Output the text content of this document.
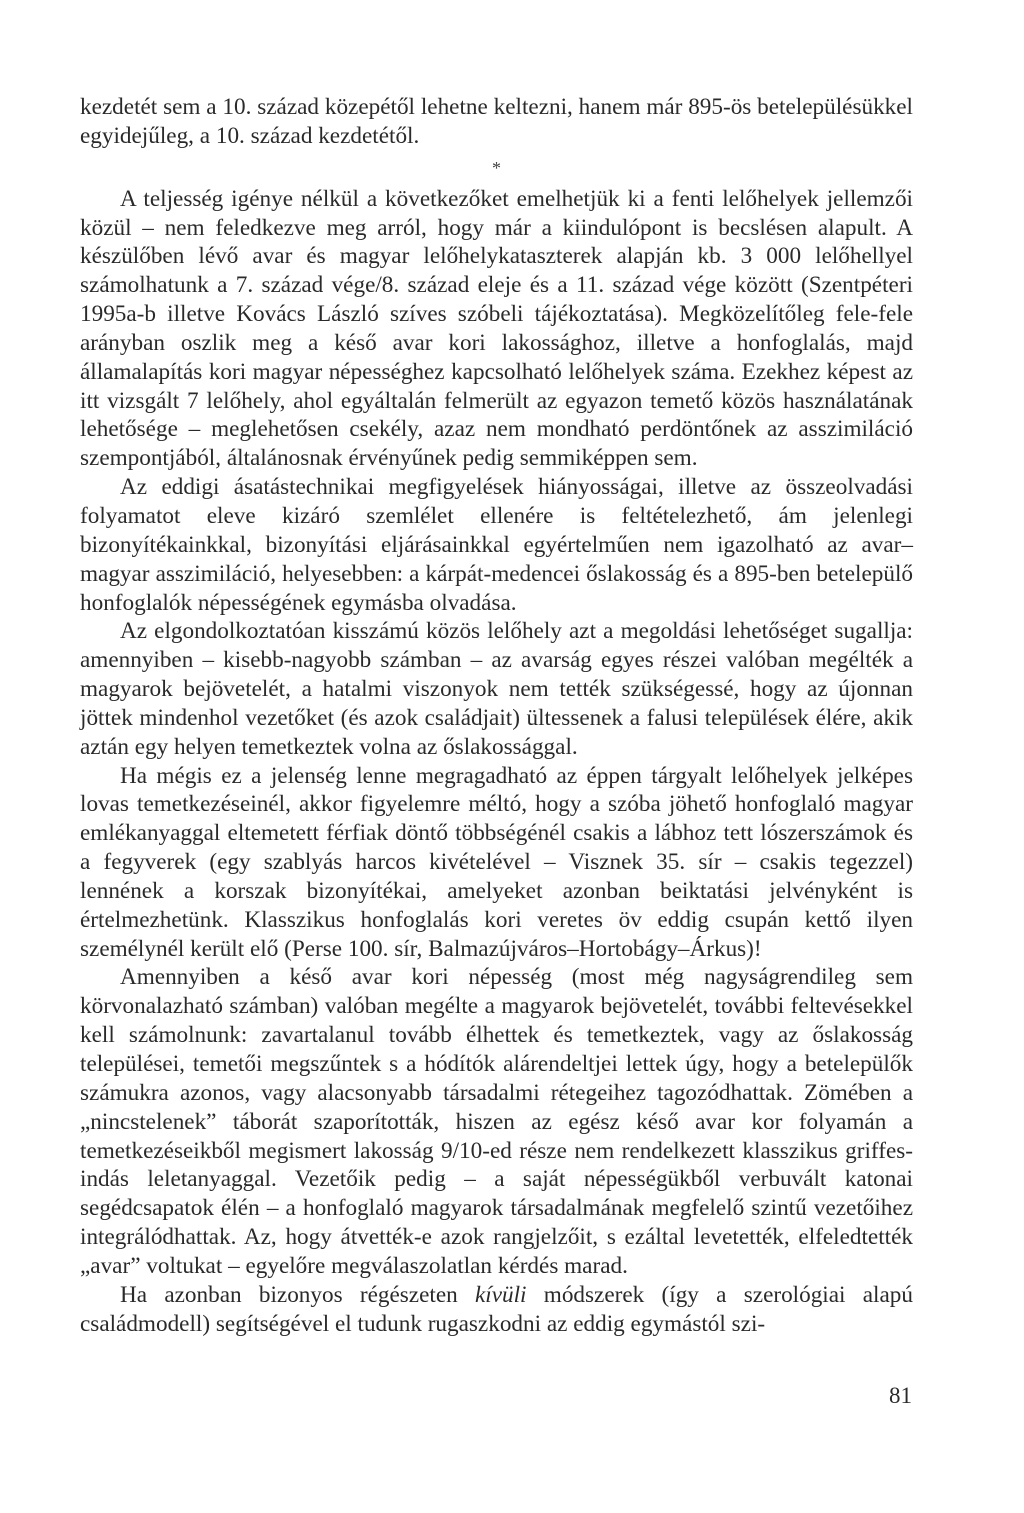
kezdetét sem a 10. század közepétől lehetne keltezni, hanem már 895-ös betelepülésükkel egyidejűleg, a 10. század kezdetétől.

*

A teljesség igénye nélkül a következőket emelhetjük ki a fenti lelőhelyek jellemzői közül – nem feledkezve meg arról, hogy már a kiindulópont is becslésen alapult. A készülőben lévő avar és magyar lelőhelykataszterek alapján kb. 3 000 lelőhellyel számolhatunk a 7. század vége/8. század eleje és a 11. század vége között (Szentpéteri 1995a-b illetve Kovács László szíves szóbeli tájékoztatása). Megközelítőleg fele-fele arányban oszlik meg a késő avar kori lakossághoz, illetve a honfoglalás, majd államalapítás kori magyar népességhez kapcsolható lelőhelyek száma. Ezekhez képest az itt vizsgált 7 lelőhely, ahol egyáltalán felmerült az egyazon temető közös használatának lehetősége – meglehetősen csekély, azaz nem mondható perdöntőnek az asszimiláció szempontjából, általánosnak érvényűnek pedig semmiképpen sem.

Az eddigi ásatástechnikai megfigyelések hiányosságai, illetve az összeolvadási folyamatot eleve kizáró szemlélet ellenére is feltételezhető, ám jelenlegi bizonyítékainkkal, bizonyítási eljárásainkkal egyértelműen nem igazolható az avar–magyar asszimiláció, helyesebben: a kárpát-medencei őslakosság és a 895-ben betelepülő honfoglalók népességének egymásba olvadása.

Az elgondolkoztatóan kisszámú közös lelőhely azt a megoldási lehetőséget sugallja: amennyiben – kisebb-nagyobb számban – az avarság egyes részei valóban megélték a magyarok bejövetelét, a hatalmi viszonyok nem tették szükségessé, hogy az újonnan jöttek mindenhol vezetőket (és azok családjait) ültessenek a falusi települések élére, akik aztán egy helyen temetkeztek volna az őslakossággal.

Ha mégis ez a jelenség lenne megragadható az éppen tárgyalt lelőhelyek jelképes lovas temetkezéseinél, akkor figyelemre méltó, hogy a szóba jöhető honfoglaló magyar emlékanyaggal eltemetett férfiak döntő többségénél csakis a lábhoz tett lószerszámok és a fegyverek (egy szablyás harcos kivételével – Visznek 35. sír – csakis tegezzel) lennének a korszak bizonyítékai, amelyeket azonban beiktatási jelvényként is értelmezhetünk. Klasszikus honfoglalás kori veretes öv eddig csupán kettő ilyen személynél került elő (Perse 100. sír, Balmazújváros–Hortobágy–Árkus)!

Amennyiben a késő avar kori népesség (most még nagyságrendileg sem körvonalazható számban) valóban megélte a magyarok bejövetelét, további feltevésekkel kell számolnunk: zavartalanul tovább élhettek és temetkeztek, vagy az őslakosság települései, temetői megszűntek s a hódítók alárendeltjei lettek úgy, hogy a betelepülők számukra azonos, vagy alacsonyabb társadalmi rétegeihez tagozódhattak. Zömében a „nincstelenek” táborát szaporították, hiszen az egész késő avar kor folyamán a temetkezéseikből megismert lakosság 9/10-ed része nem rendelkezett klasszikus griffes-indás leletanyaggal. Vezetőik pedig – a saját népességükből verbuvált katonai segédcsapatok élén – a honfoglaló magyarok társadalmának megfelelő szintű vezetőihez integrálódhattak. Az, hogy átvették-e azok rangjelzőit, s ezáltal levetették, elfeledtették „avar” voltukat – egyelőre megválaszolatlan kérdés marad.

Ha azonban bizonyos régészeten kívüli módszerek (így a szerológiai alapú családmodell) segítségével el tudunk rugaszkodni az eddig egymástól szi-

81
